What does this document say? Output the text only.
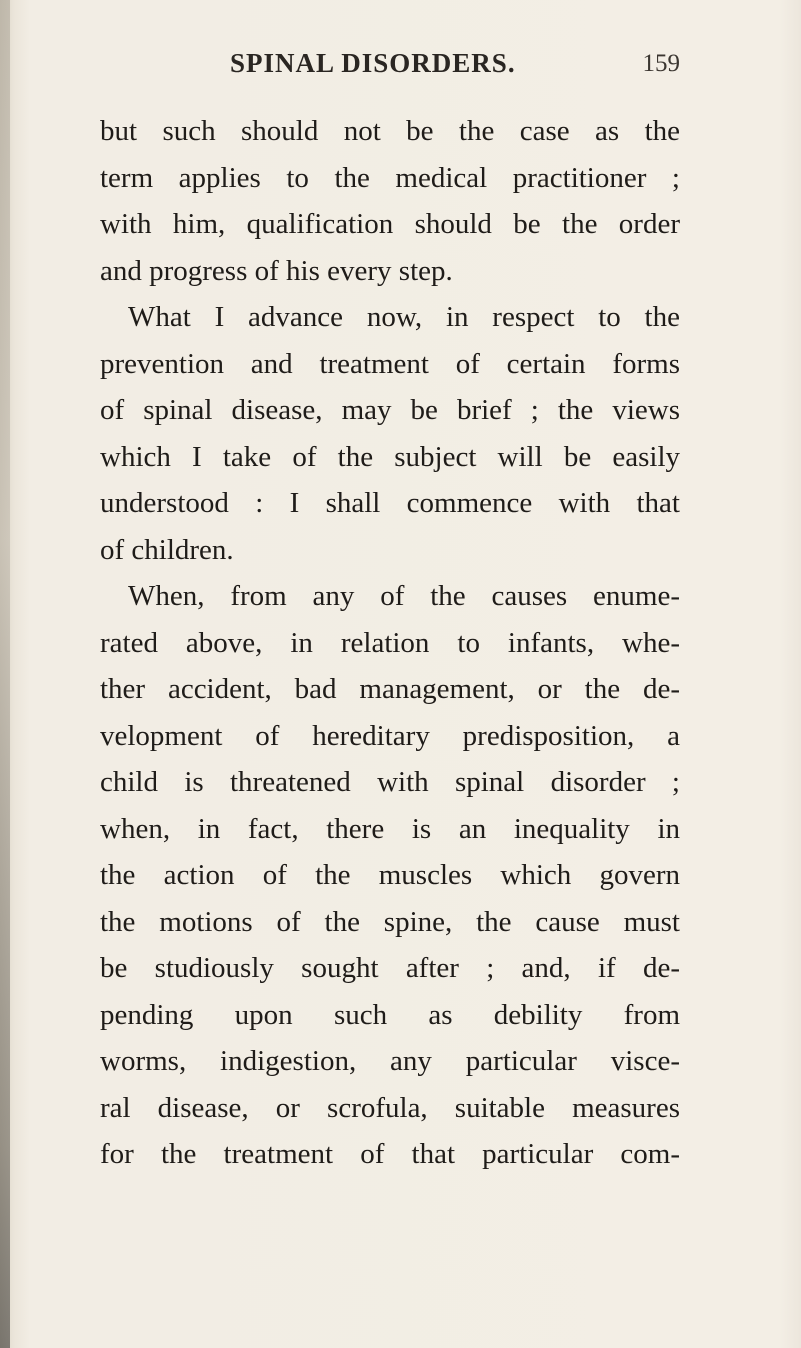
SPINAL DISORDERS.	159
but such should not be the case as the
term applies to the medical practitioner ;
with him, qualification should be the order
and progress of his every step.
What I advance now, in respect to the
prevention and treatment of certain forms
of spinal disease, may be brief ; the views
which I take of the subject will be easily
understood : I shall commence with that
of children.
When, from any of the causes enume-
rated above, in relation to infants, whe-
ther accident, bad management, or the de-
velopment of hereditary predisposition, a
child is threatened with spinal disorder ;
when, in fact, there is an inequality in
the action of the muscles which govern
the motions of the spine, the cause must
be studiously sought after ; and, if de-
pending upon such as debility from
worms, indigestion, any particular visce-
ral disease, or scrofula, suitable measures
for the treatment of that particular com-
